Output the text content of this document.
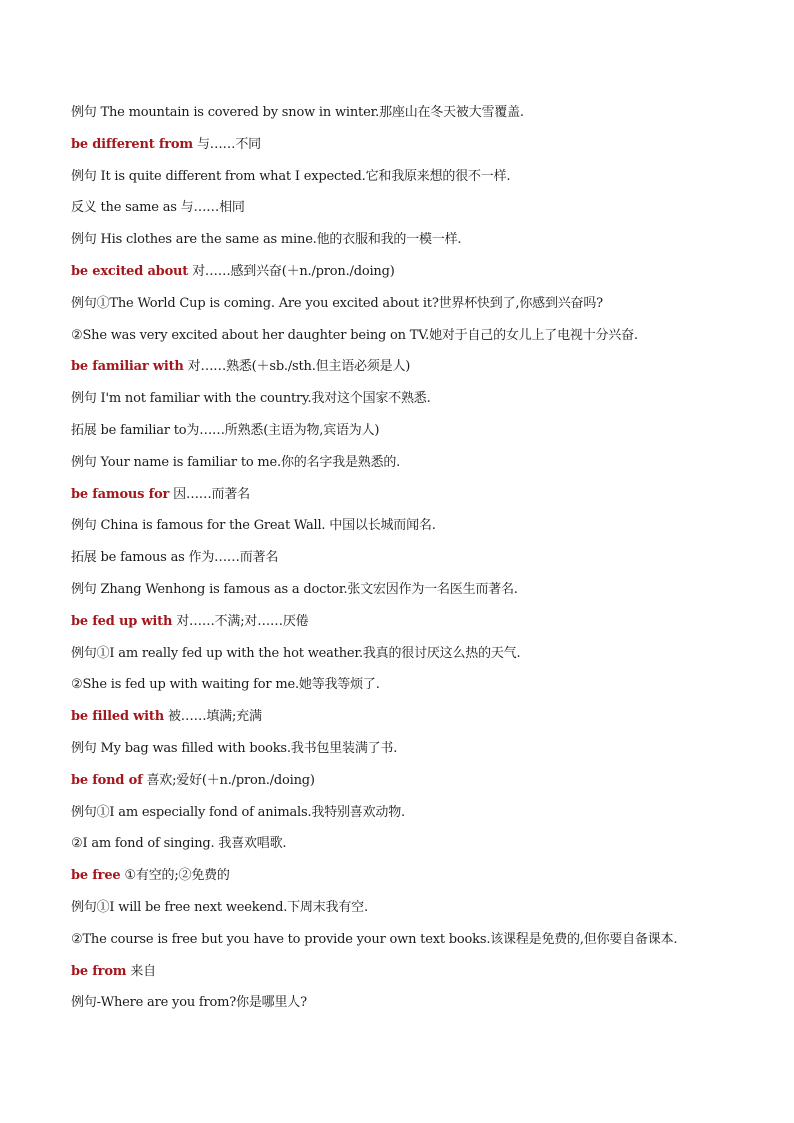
例句 The mountain is covered by snow in winter.那座山在冬天被大雪覆盖.
be different from 与……不同
例句 It is quite different from what I expected.它和我原来想的很不一样.
反义 the same as 与……相同
例句 His clothes are the same as mine.他的衣服和我的一模一样.
be excited about 对……感到兴奋(＋n./pron./doing)
例句①The World Cup is coming. Are you excited about it?世界杯快到了,你感到兴奋吗?
②She was very excited about her daughter being on TV.她对于自己的女儿上了电视十分兴奋.
be familiar with 对……熟悉(＋sb./sth.但主语必须是人)
例句 I'm not familiar with the country.我对这个国家不熟悉.
拓展 be familiar to为……所熟悉(主语为物,宾语为人)
例句 Your name is familiar to me.你的名字我是熟悉的.
be famous for 因……而著名
例句 China is famous for the Great Wall. 中国以长城而闻名.
拓展 be famous as 作为……而著名
例句 Zhang Wenhong is famous as a doctor.张文宏因作为一名医生而著名.
be fed up with 对……不满;对……厌倦
例句①I am really fed up with the hot weather.我真的很讨厌这么热的天气.
②She is fed up with waiting for me.她等我等烦了.
be filled with 被……填满;充满
例句 My bag was filled with books.我书包里装满了书.
be fond of 喜欢;爱好(＋n./pron./doing)
例句①I am especially fond of animals.我特别喜欢动物.
②I am fond of singing. 我喜欢唱歌.
be free ①有空的;②免费的
例句①I will be free next weekend.下周末我有空.
②The course is free but you have to provide your own text books.该课程是免费的,但你要自备课本.
be from 来自
例句-Where are you from?你是哪里人?
